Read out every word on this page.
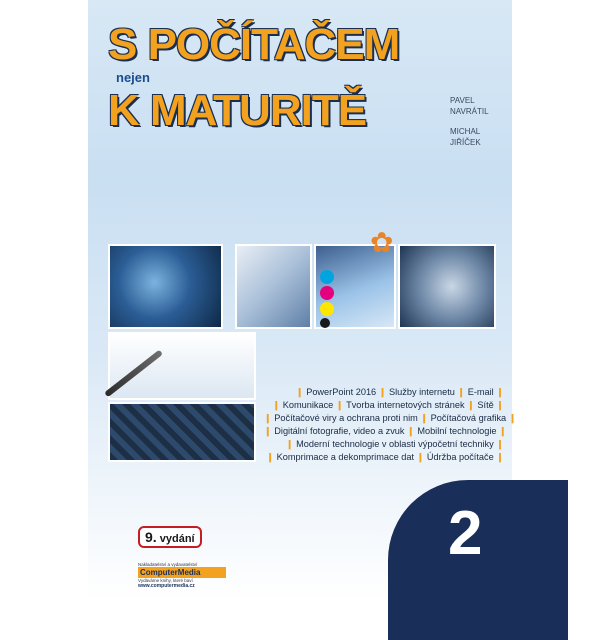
S POČÍTAČEM
nejen
K MATURITĚ	PAVEL
NAVRÁTIL
MICHAL
JIŘÍČEK
✿
❙ PowerPoint 2016 ❙ Služby internetu ❙ E-mail ❙
❙ Komunikace ❙ Tvorba internetových stránek ❙ Sítě ❙
❙ Počítačové viry a ochrana proti nim ❙ Počítačová grafika ❙
❙ Digitální fotografie, video a zvuk ❙ Mobilní technologie ❙
❙ Moderní technologie v oblasti výpočetní techniky ❙
❙ Komprimace a dekomprimace dat ❙ Údržba počítače ❙
2
9. vydání
Nakladatelství a vydavatelství
ComputerMedia
Vydáváme knihy, které baví
www.computermedia.cz
